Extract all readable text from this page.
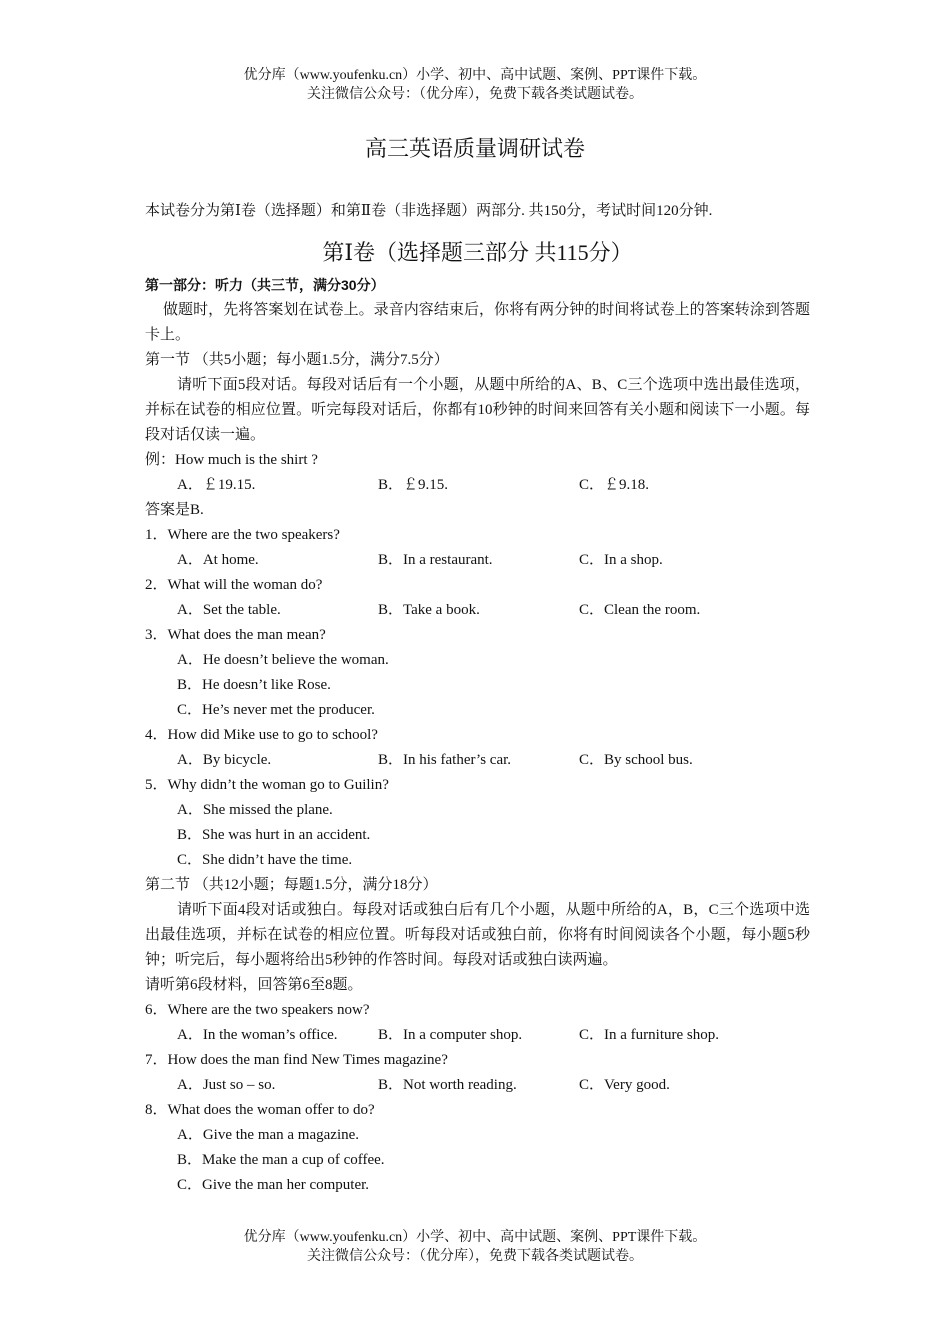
优分库（www.youfenku.cn）小学、初中、高中试题、案例、PPT课件下载。
关注微信公众号：（优分库），免费下载各类试题试卷。
高三英语质量调研试卷
本试卷分为第Ⅰ卷（选择题）和第Ⅱ卷（非选择题）两部分. 共150分，考试时间120分钟.
第Ⅰ卷（选择题三部分 共115分）
第一部分：听力（共三节，满分30分）
做题时，先将答案划在试卷上。录音内容结束后，你将有两分钟的时间将试卷上的答案转涂到答题卡上。
第一节 （共5小题；每小题1.5分，满分7.5分）
请听下面5段对话。每段对话后有一个小题，从题中所给的A、B、C三个选项中选出最佳选项，并标在试卷的相应位置。听完每段对话后，你都有10秒钟的时间来回答有关小题和阅读下一小题。每段对话仅读一遍。
例：How much is the shirt ?
A．￡19.15.	B．￡9.15.	C．￡9.18.
答案是B.
1．Where are the two speakers?
A．At home.	B．In a restaurant.	C．In a shop.
2．What will the woman do?
A．Set the table.	B．Take a book.	C．Clean the room.
3．What does the man mean?
A．He doesn’t believe the woman.
B．He doesn’t like Rose.
C．He’s never met the producer.
4．How did Mike use to go to school?
A．By bicycle.	B．In his father’s car.	C．By school bus.
5．Why didn’t the woman go to Guilin?
A．She missed the plane.
B．She was hurt in an accident.
C．She didn’t have the time.
第二节 （共12小题；每题1.5分，满分18分）
请听下面4段对话或独白。每段对话或独白后有几个小题，从题中所给的A，B，C三个选项中选出最佳选项，并标在试卷的相应位置。听每段对话或独白前，你将有时间阅读各个小题，每小题5秒钟；听完后，每小题将给出5秒钟的作答时间。每段对话或独白读两遍。
请听第6段材料，回答第6至8题。
6．Where are the two speakers now?
A．In the woman’s office.	B．In a computer shop.	C．In a furniture shop.
7．How does the man find New Times magazine?
A．Just so – so.	B．Not worth reading.	C．Very good.
8．What does the woman offer to do?
A．Give the man a magazine.
B．Make the man a cup of coffee.
C．Give the man her computer.
优分库（www.youfenku.cn）小学、初中、高中试题、案例、PPT课件下载。
关注微信公众号：（优分库），免费下载各类试题试卷。
